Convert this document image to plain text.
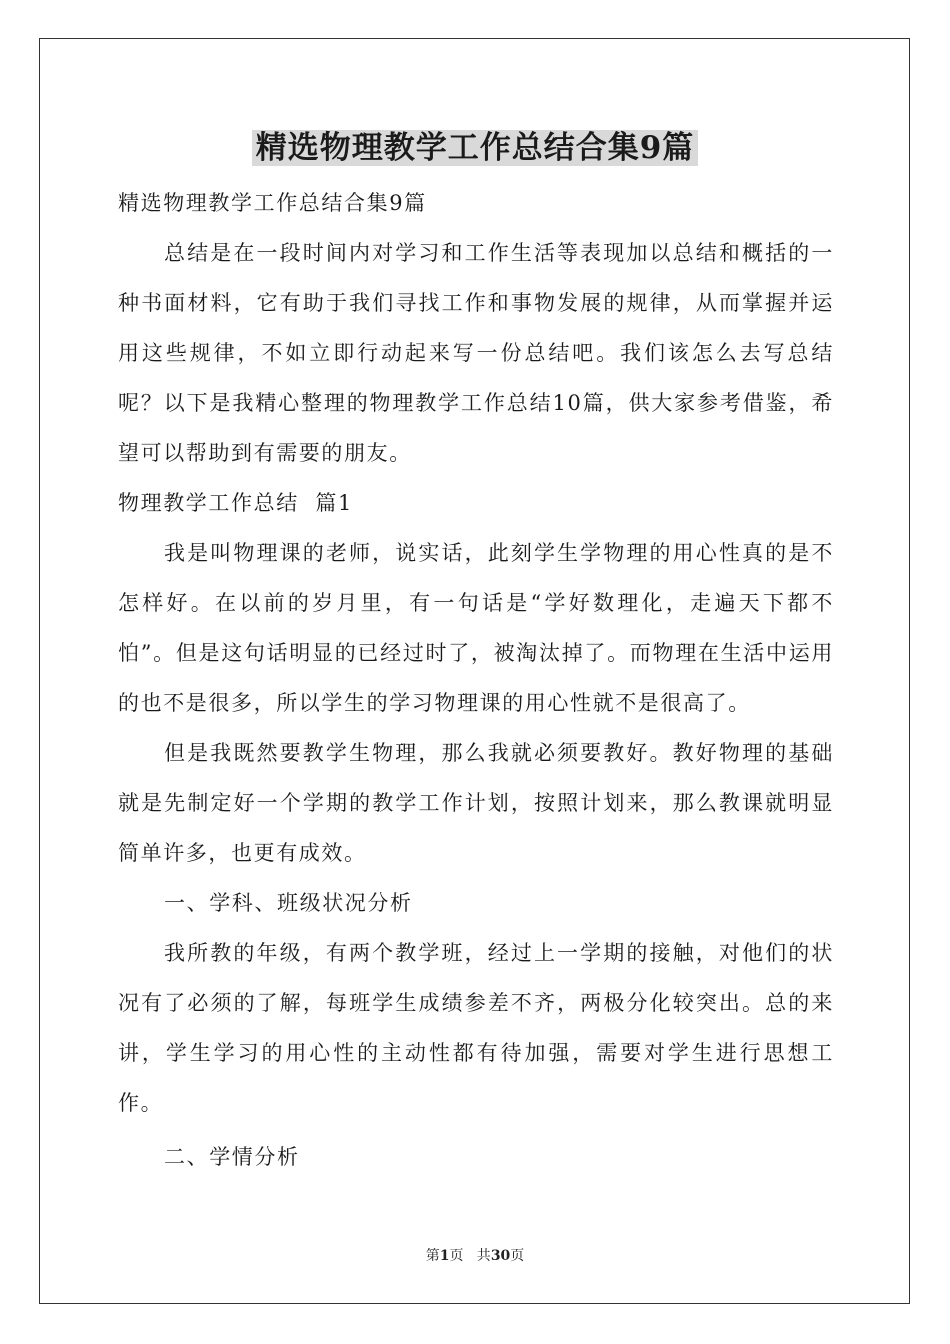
精选物理教学工作总结合集9篇

精选物理教学工作总结合集9篇

总结是在一段时间内对学习和工作生活等表现加以总结和概括的一种书面材料，它有助于我们寻找工作和事物发展的规律，从而掌握并运用这些规律，不如立即行动起来写一份总结吧。我们该怎么去写总结呢？以下是我精心整理的物理教学工作总结10篇，供大家参考借鉴，希望可以帮助到有需要的朋友。

物理教学工作总结  篇1

我是叫物理课的老师，说实话，此刻学生学物理的用心性真的是不怎样好。在以前的岁月里，有一句话是“学好数理化，走遍天下都不怕”。但是这句话明显的已经过时了，被淘汰掉了。而物理在生活中运用的也不是很多，所以学生的学习物理课的用心性就不是很高了。

但是我既然要教学生物理，那么我就必须要教好。教好物理的基础就是先制定好一个学期的教学工作计划，按照计划来，那么教课就明显简单许多，也更有成效。

一、学科、班级状况分析

我所教的年级，有两个教学班，经过上一学期的接触，对他们的状况有了必须的了解，每班学生成绩参差不齐，两极分化较突出。总的来讲，学生学习的用心性的主动性都有待加强，需要对学生进行思想工作。

二、学情分析

第1页   共30页
